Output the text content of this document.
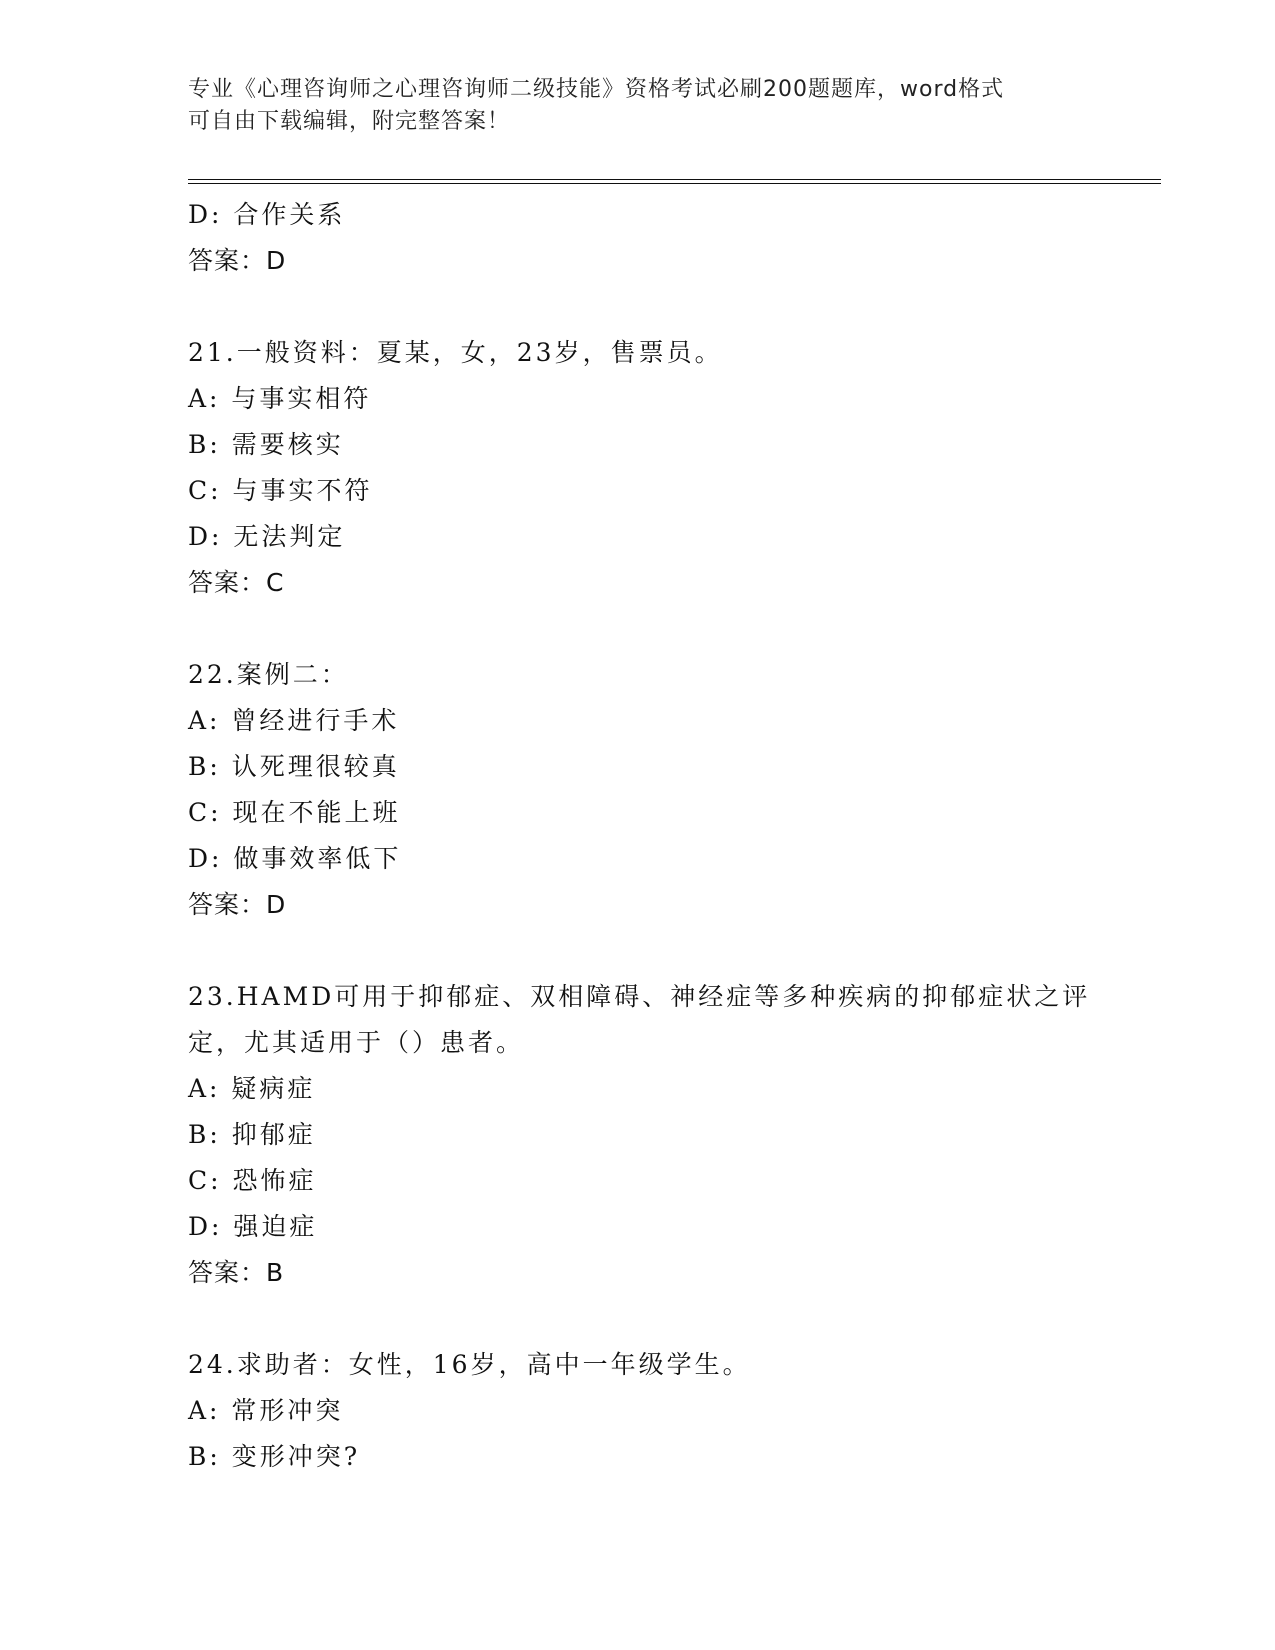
专业《心理咨询师之心理咨询师二级技能》资格考试必刷200题题库，word格式
可自由下载编辑，附完整答案！
D: 合作关系
答案：D
21.一般资料：夏某，女，23岁，售票员。
A: 与事实相符
B: 需要核实
C: 与事实不符
D: 无法判定
答案：C
22.案例二：
A: 曾经进行手术
B: 认死理很较真
C: 现在不能上班
D: 做事效率低下
答案：D
23.HAMD可用于抑郁症、双相障碍、神经症等多种疾病的抑郁症状之评
定，尤其适用于（）患者。
A: 疑病症
B: 抑郁症
C: 恐怖症
D: 强迫症
答案：B
24.求助者：女性，16岁，高中一年级学生。
A: 常形冲突
B: 变形冲突?
